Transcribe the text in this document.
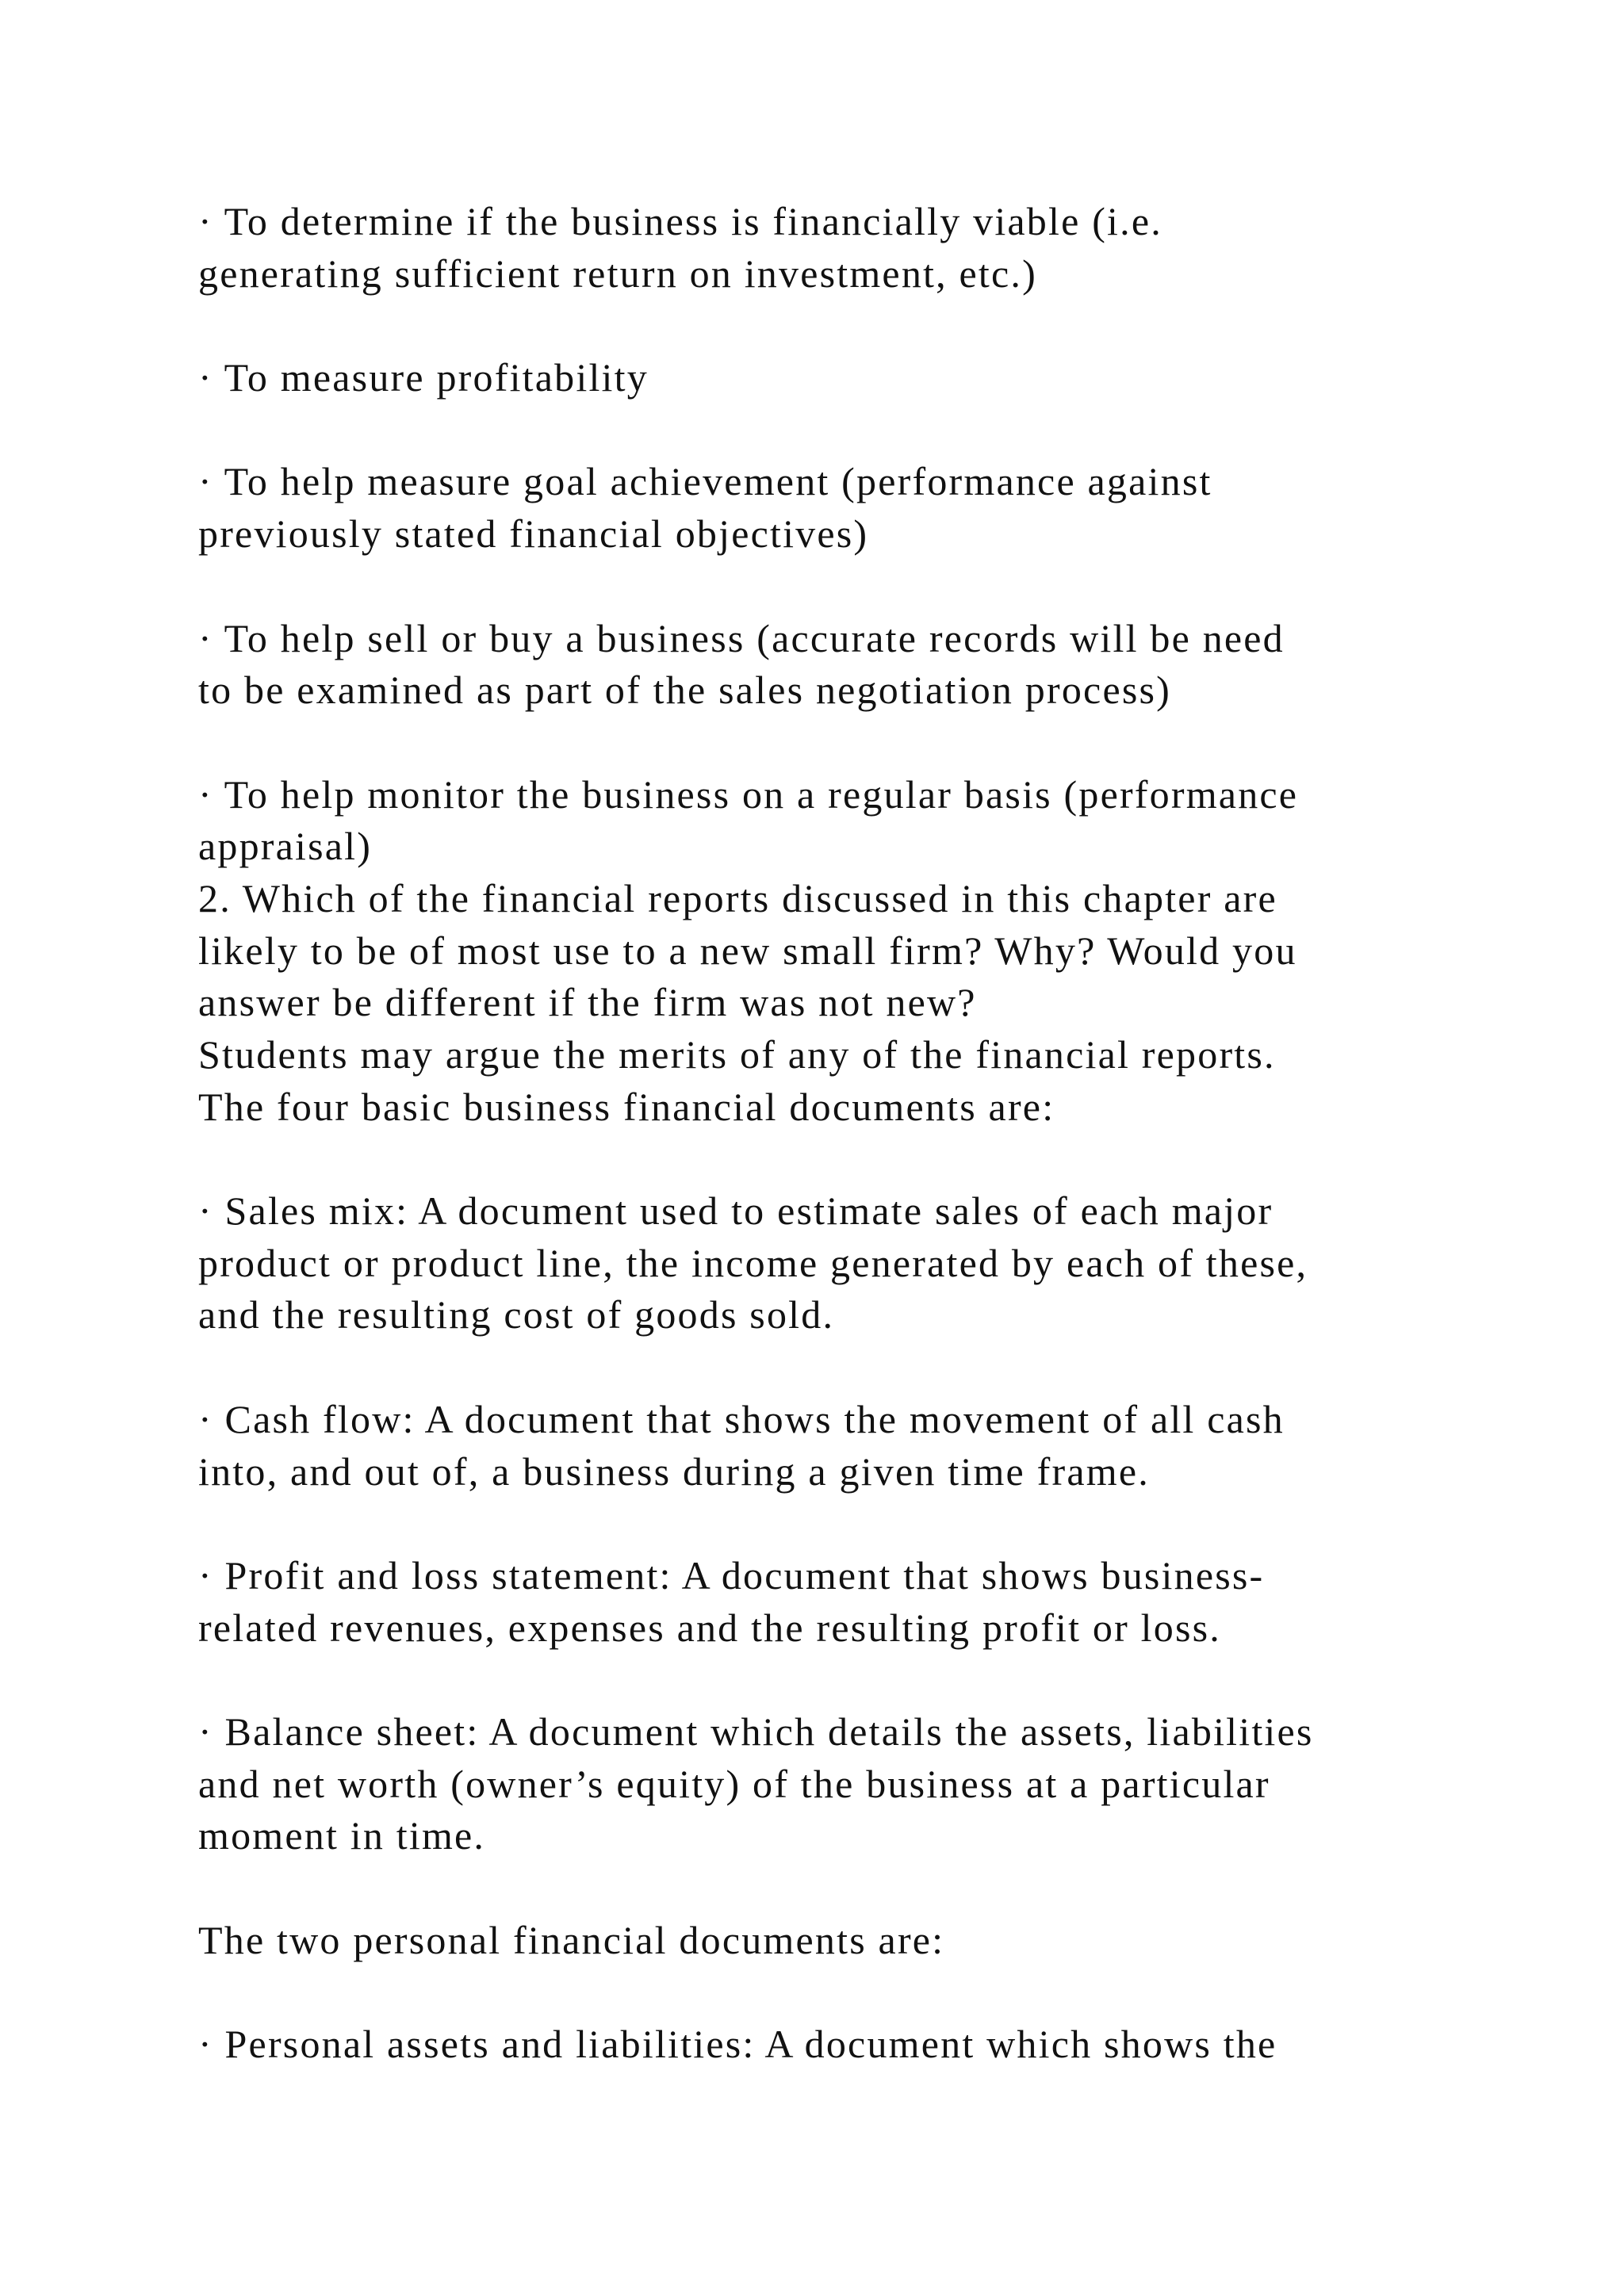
· To determine if the business is financially viable (i.e.
generating sufficient return on investment, etc.)
· To measure profitability
· To help measure goal achievement (performance against
previously stated financial objectives)
· To help sell or buy a business (accurate records will be need
to be examined as part of the sales negotiation process)
· To help monitor the business on a regular basis (performance
appraisal)
2. Which of the financial reports discussed in this chapter are
likely to be of most use to a new small firm? Why? Would you
answer be different if the firm was not new?
Students may argue the merits of any of the financial reports.
The four basic business financial documents are:
· Sales mix: A document used to estimate sales of each major
product or product line, the income generated by each of these,
and the resulting cost of goods sold.
· Cash flow: A document that shows the movement of all cash
into, and out of, a business during a given time frame.
· Profit and loss statement: A document that shows business-
related revenues, expenses and the resulting profit or loss.
· Balance sheet: A document which details the assets, liabilities
and net worth (owner’s equity) of the business at a particular
moment in time.
The two personal financial documents are:
· Personal assets and liabilities: A document which shows the
